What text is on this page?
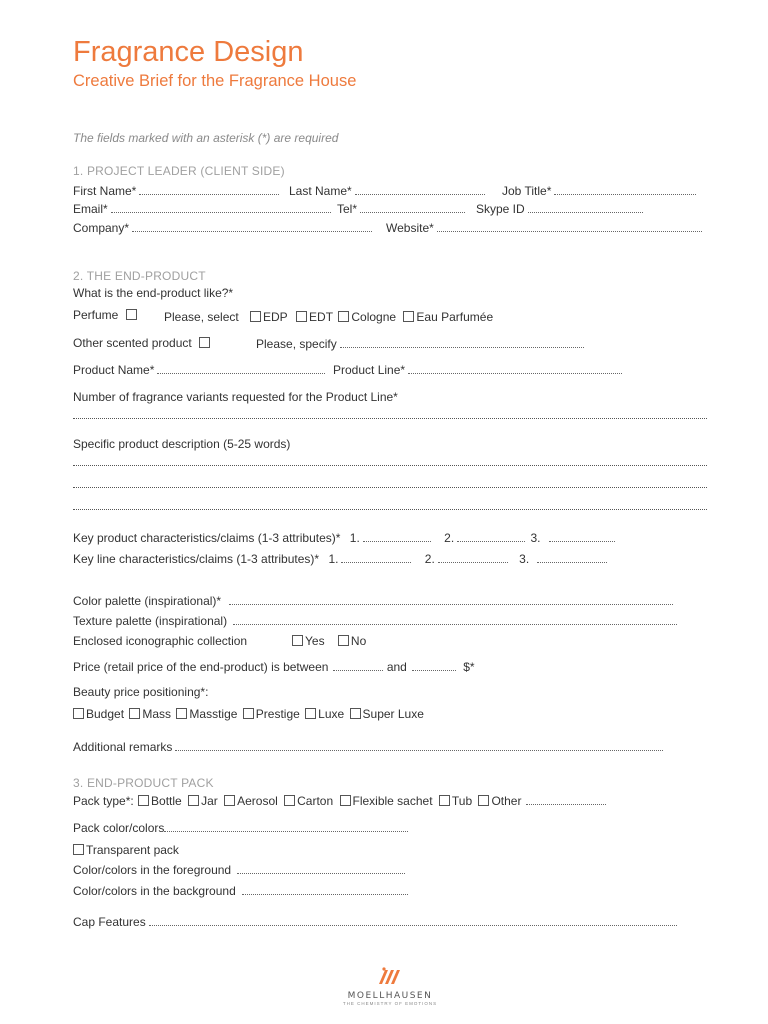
Fragrance Design
Creative Brief for the Fragrance House
The fields marked with an asterisk (*) are required
1. PROJECT LEADER (CLIENT SIDE)
First Name*	Last Name*	Job Title*
Email*	Tel*	Skype ID
Company*	Website*
2. THE END-PRODUCT
What is the end-product like?*
Perfume	Please, select	EDP EDT Cologne Eau Parfumée
Other scented product	Please, specify
Product Name*	Product Line*
Number of fragrance variants requested for the Product Line*
Specific product description (5-25 words)
Key product characteristics/claims (1-3 attributes)* 1.	2.	3.
Key line characteristics/claims (1-3 attributes)* 1.	2.	3.
Color palette (inspirational)*
Texture palette (inspirational)
Enclosed iconographic collection	Yes No
Price (retail price of the end-product) is between	and	$*
Beauty price positioning*:
Budget Mass Masstige Prestige Luxe Super Luxe
Additional remarks
3. END-PRODUCT PACK
Pack type*: Bottle Jar Aerosol Carton Flexible sachet Tub Other
Pack color/colors
Transparent pack
Color/colors in the foreground
Color/colors in the background
Cap Features
MOELLHAUSEN
THE CHEMISTRY OF EMOTIONS
